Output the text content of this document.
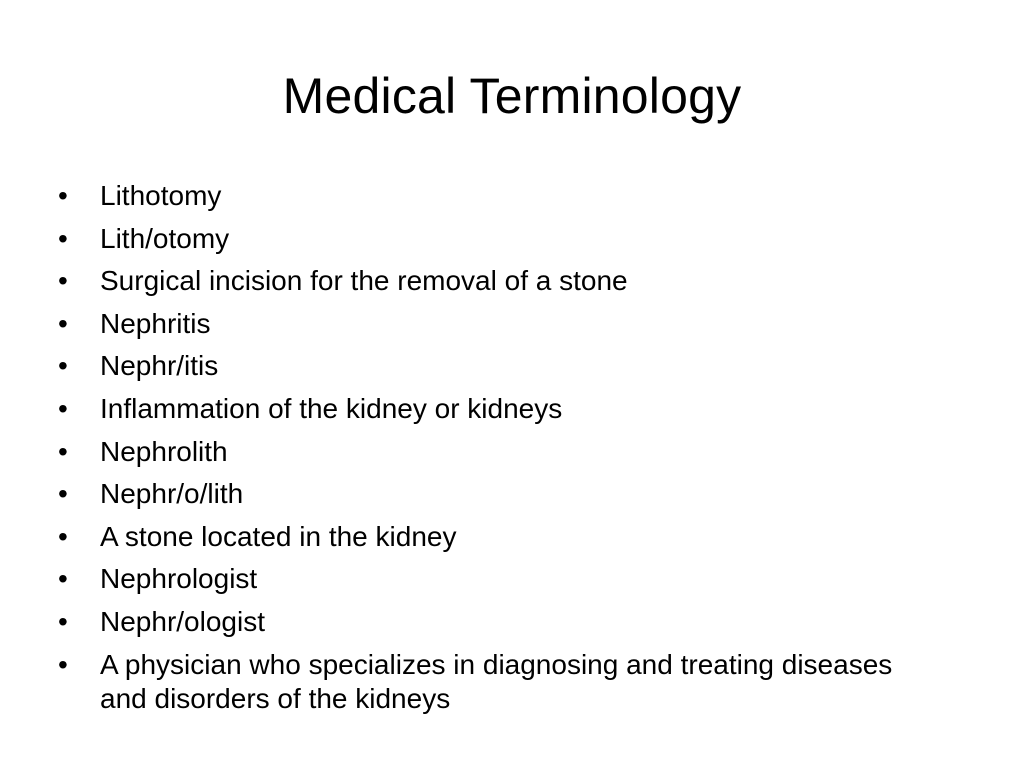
Medical Terminology
•	Lithotomy
•	Lith/otomy
•	Surgical incision for the removal of a stone
•	Nephritis
•	Nephr/itis
•	Inflammation of the kidney or kidneys
•	Nephrolith
•	Nephr/o/lith
•	A stone located in the kidney
•	Nephrologist
•	Nephr/ologist
•	A physician who specializes in diagnosing and treating diseases and disorders of the kidneys
